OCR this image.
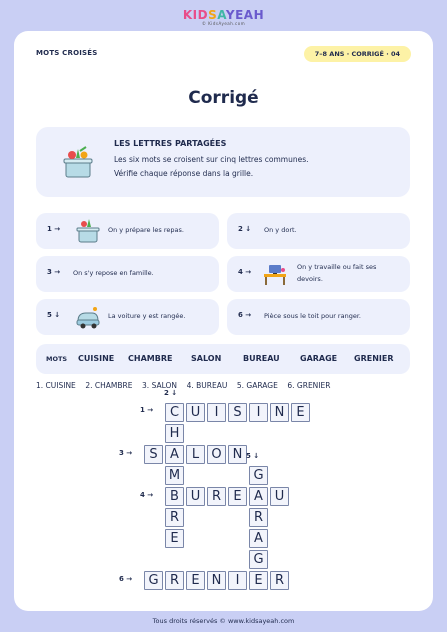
KIDSAYEAH
© KidsAyeah.com
MOTS CROISÉS	7–8 ANS · CORRIGÉ · 04
Corrigé
LES LETTRES PARTAGÉES
Les six mots se croisent sur cinq lettres communes.
Vérifie chaque réponse dans la grille.
1 →	On y prépare les repas.	2 ↓ On y dort.
3 → On s'y repose en famille.	4 →
On y travaille ou fait ses
devoirs.
5 ↓	La voiture y est rangée.	6 → Pièce sous le toit pour ranger.
MOTS CUISINE CHAMBRE SALON	BUREAU	GARAGE GRENIER
1. CUISINE 2. CHAMBRE 3. SALON 4. BUREAU 5. GARAGE 6. GRENIER
C U	I	S	I	N E
S A L O N
B U R E A U
G R E N	I	E R
H
M
R
E
G
R
A
G
1 →
2 ↓
3 →
4 →
5 ↓
6 →
Tous droits réservés © www.kidsayeah.com
